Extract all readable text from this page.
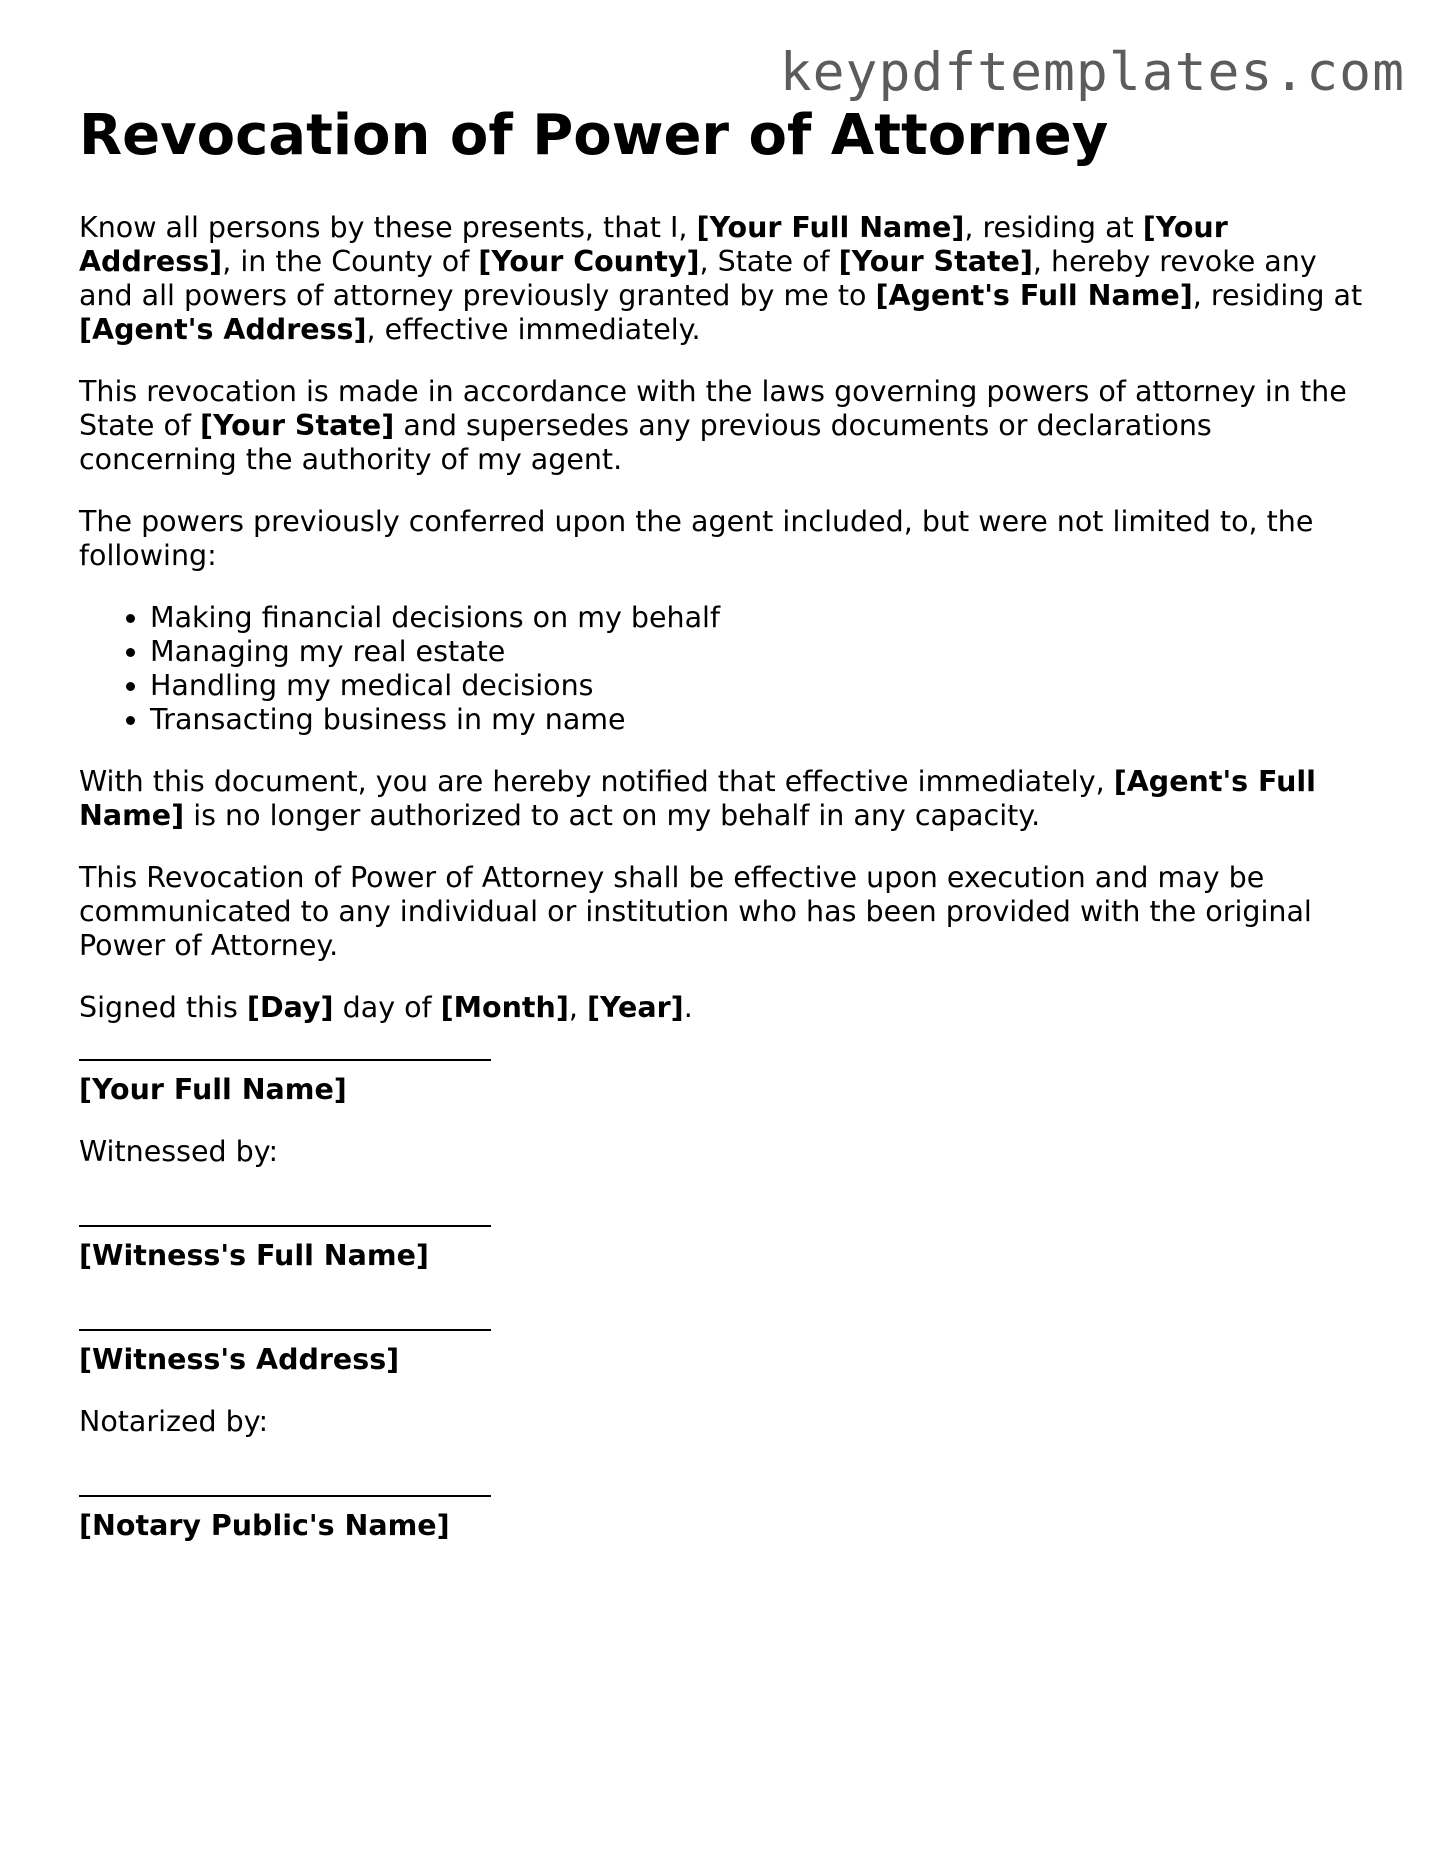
keypdftemplates.com
Revocation of Power of Attorney

Know all persons by these presents, that I, [Your Full Name], residing at [Your Address], in the County of [Your County], State of [Your State], hereby revoke any and all powers of attorney previously granted by me to [Agent's Full Name], residing at [Agent's Address], effective immediately.

This revocation is made in accordance with the laws governing powers of attorney in the State of [Your State] and supersedes any previous documents or declarations concerning the authority of my agent.

The powers previously conferred upon the agent included, but were not limited to, the following:

• Making financial decisions on my behalf
• Managing my real estate
• Handling my medical decisions
• Transacting business in my name

With this document, you are hereby notified that effective immediately, [Agent's Full Name] is no longer authorized to act on my behalf in any capacity.

This Revocation of Power of Attorney shall be effective upon execution and may be communicated to any individual or institution who has been provided with the original Power of Attorney.

Signed this [Day] day of [Month], [Year].

[Your Full Name]

Witnessed by:

[Witness's Full Name]
[Witness's Address]

Notarized by:

[Notary Public's Name]
